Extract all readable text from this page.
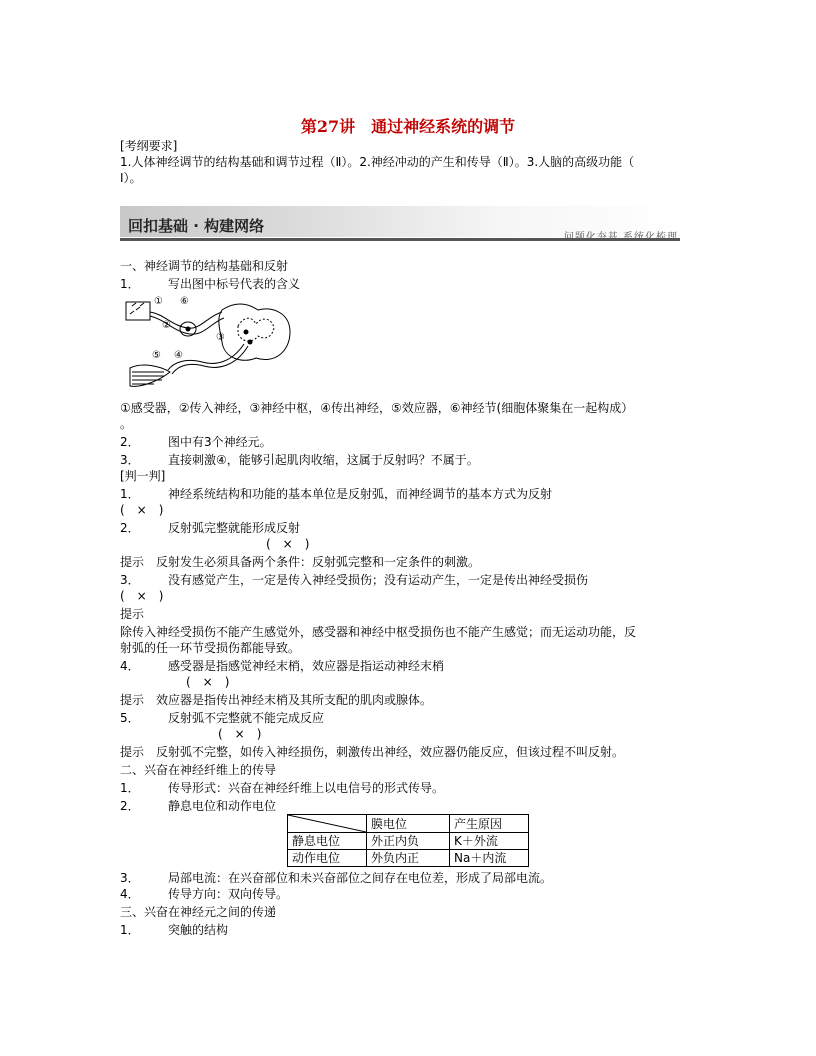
第27讲　通过神经系统的调节
[考纲要求]
1.人体神经调节的结构基础和调节过程（Ⅱ）。2.神经冲动的产生和传导（Ⅱ）。3.人脑的高级功能（
Ⅰ）。
回扣基础 · 构建网络
问题化夯基 系统化梳理
一、神经调节的结构基础和反射
1． 写出图中标号代表的含义
①
②
③
④
⑤
⑥
①感受器，②传入神经，③神经中枢，④传出神经，⑤效应器，⑥神经节(细胞体聚集在一起构成）
。
2． 图中有3个神经元。
3． 直接刺激④，能够引起肌肉收缩，这属于反射吗？不属于。
[判一判]
1． 神经系统结构和功能的基本单位是反射弧，而神经调节的基本方式为反射
(　×　)
2． 反射弧完整就能形成反射
(　×　)
提示　反射发生必须具备两个条件：反射弧完整和一定条件的刺激。
3． 没有感觉产生，一定是传入神经受损伤；没有运动产生，一定是传出神经受损伤
(　×　)
提示
除传入神经受损伤不能产生感觉外，感受器和神经中枢受损伤也不能产生感觉；而无运动功能，反
射弧的任一环节受损伤都能导致。
4． 感受器是指感觉神经末梢，效应器是指运动神经末梢
(　×　)
提示　效应器是指传出神经末梢及其所支配的肌肉或腺体。
5． 反射弧不完整就不能完成反应
(　×　)
提示　反射弧不完整，如传入神经损伤，刺激传出神经，效应器仍能反应，但该过程不叫反射。
二、兴奋在神经纤维上的传导
1． 传导形式：兴奋在神经纤维上以电信号的形式传导。
2． 静息电位和动作电位
	膜电位	产生原因
静息电位	外正内负	K＋外流
动作电位	外负内正	Na＋内流
3． 局部电流：在兴奋部位和未兴奋部位之间存在电位差，形成了局部电流。
4． 传导方向：双向传导。
三、兴奋在神经元之间的传递
1． 突触的结构
